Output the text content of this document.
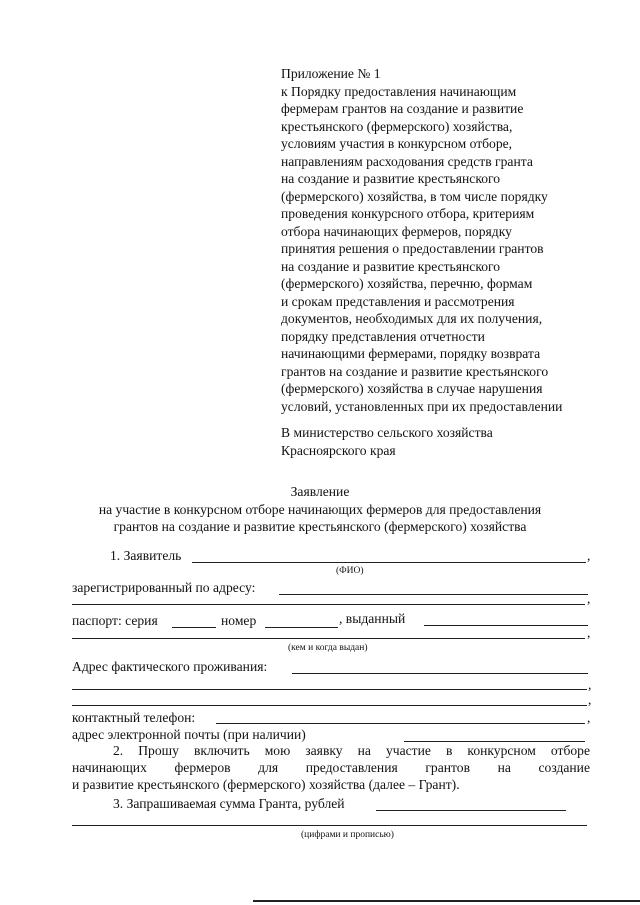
Приложение № 1
к Порядку предоставления начинающим
фермерам грантов на создание и развитие
крестьянского (фермерского) хозяйства,
условиям участия в конкурсном отборе,
направлениям расходования средств гранта
на создание и развитие крестьянского
(фермерского) хозяйства, в том числе порядку
проведения конкурсного отбора, критериям
отбора начинающих фермеров, порядку
принятия решения о предоставлении грантов
на создание и развитие крестьянского
(фермерского) хозяйства, перечню, формам
и срокам представления и рассмотрения
документов, необходимых для их получения,
порядку представления отчетности
начинающими фермерами, порядку возврата
грантов на создание и развитие крестьянского
(фермерского) хозяйства в случае нарушения
условий, установленных при их предоставлении
В министерство сельского хозяйства
Красноярского края
Заявление
на участие в конкурсном отборе начинающих фермеров для предоставления
грантов на создание и развитие крестьянского (фермерского) хозяйства
1. Заявитель	,
(ФИО)
зарегистрированный по адресу:
,
паспорт: серия	номер	, выданный
,
(кем и когда выдан)
Адрес фактического проживания:
,
,
контактный телефон:	,
адрес электронной почты (при наличии)
2. Прошу включить мою заявку на участие в конкурсном отборе
начинающих фермеров для предоставления грантов на создание
и развитие крестьянского (фермерского) хозяйства (далее – Грант).
3. Запрашиваемая сумма Гранта, рублей
(цифрами и прописью)
